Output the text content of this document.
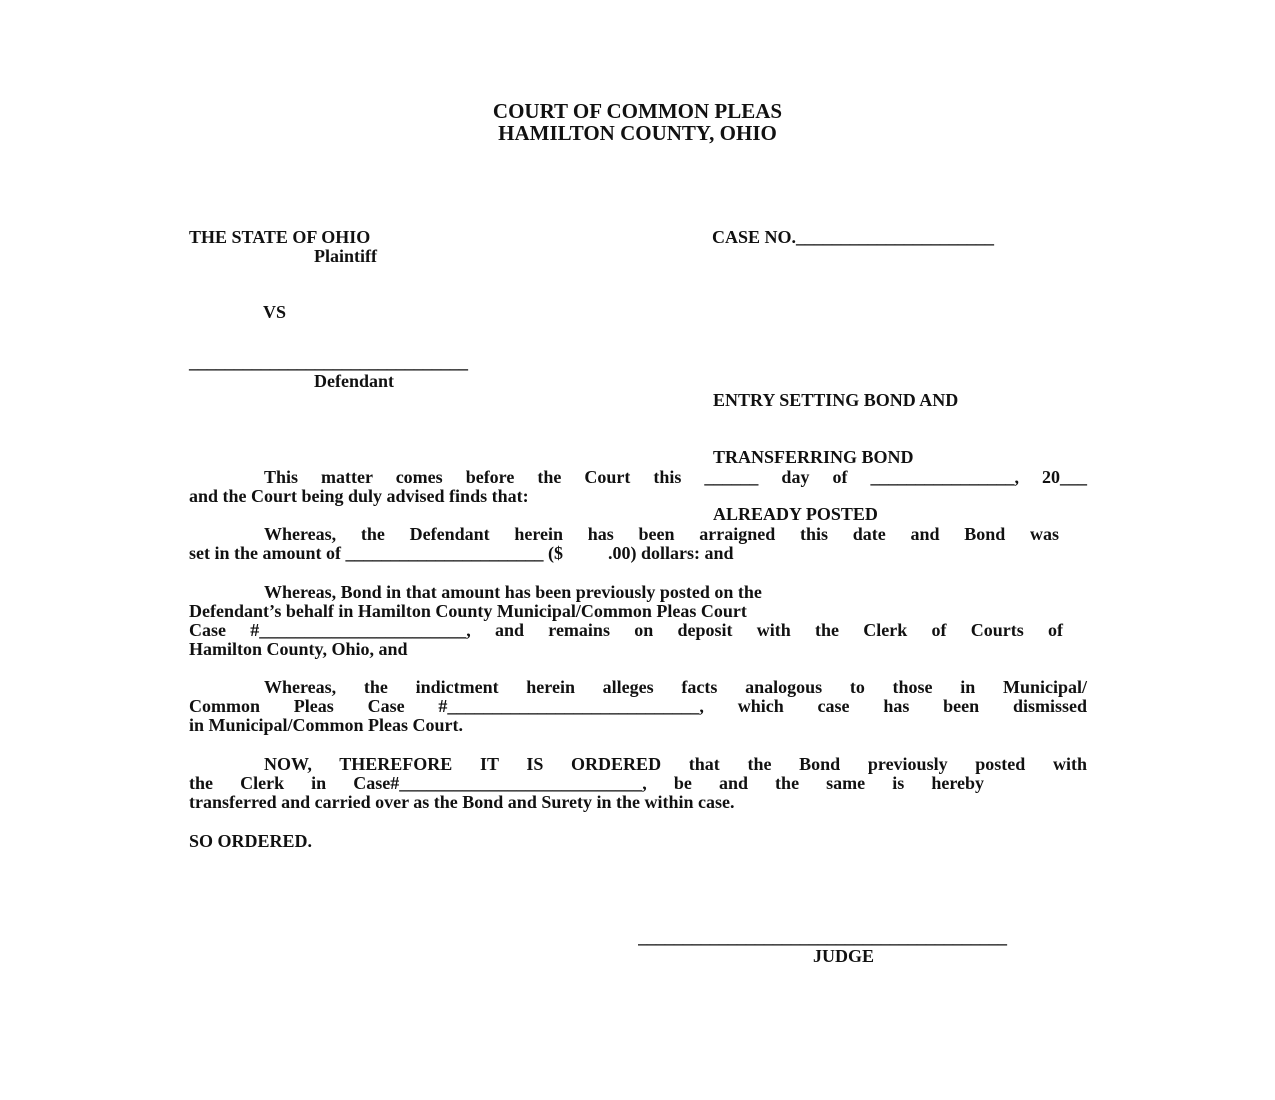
COURT OF COMMON PLEAS
HAMILTON COUNTY, OHIO
THE STATE OF OHIO
Plaintiff
VS
_______________________________
Defendant
CASE NO.______________________

ENTRY SETTING BOND AND

TRANSFERRING BOND

ALREADY POSTED

This matter comes before the Court this ______ day of ________________, 20___
and the Court being duly advised finds that:
Whereas, the Defendant herein has been arraigned this date and Bond was
set in the amount of ______________________ ($          .00) dollars: and
Whereas, Bond in that amount has been previously posted on the
Defendant’s behalf in Hamilton County Municipal/Common Pleas Court
Case #_______________________, and remains on deposit with the Clerk of Courts of
Hamilton County, Ohio, and
Whereas, the indictment herein alleges facts analogous to those in Municipal/
Common Pleas Case #____________________________, which case has been dismissed
in Municipal/Common Pleas Court.
NOW, THEREFORE IT IS ORDERED that the Bond previously posted with
the Clerk in Case#___________________________, be and the same is hereby
transferred and carried over as the Bond and Surety in the within case.
SO ORDERED.
_________________________________________
JUDGE
